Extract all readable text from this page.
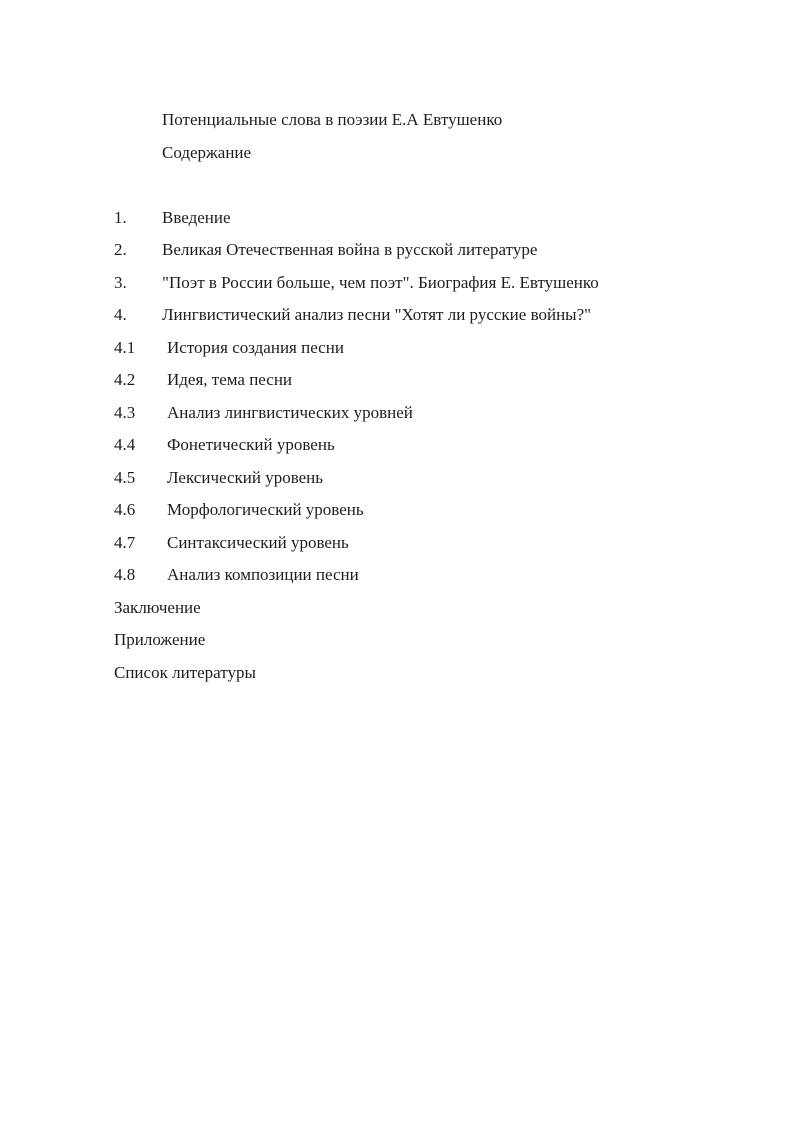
Потенциальные слова в поэзии Е.А Евтушенко

Содержание

1.	Введение

2.	Великая Отечественная война в русской литературе

3.	"Поэт в России больше, чем поэт". Биография Е. Евтушенко

4.	Лингвистический анализ песни "Хотят ли русские войны?"

4.1	История создания песни

4.2	Идея, тема песни

4.3	Анализ лингвистических уровней

4.4	Фонетический уровень

4.5	Лексический уровень

4.6	Морфологический уровень

4.7	Синтаксический уровень

4.8	Анализ композиции песни

Заключение

Приложение

Список литературы
